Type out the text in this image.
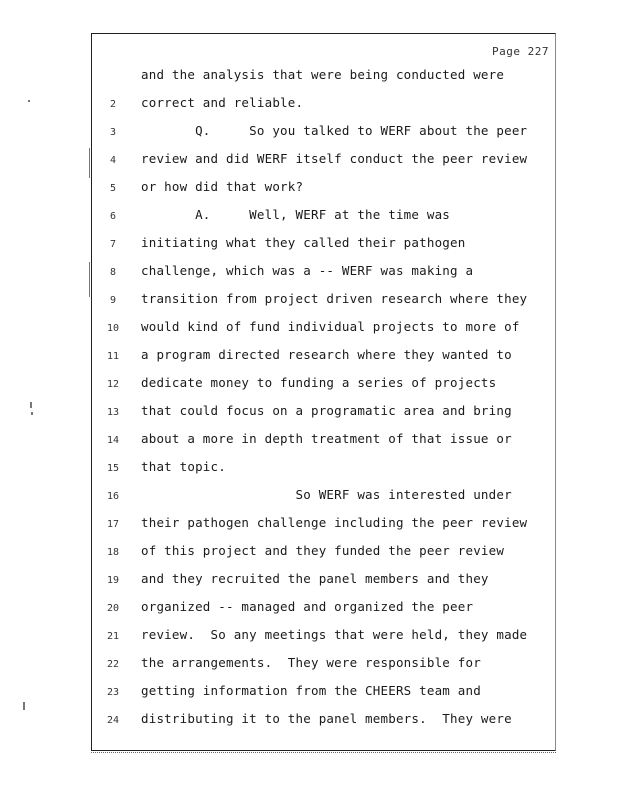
Page 227
and the analysis that were being conducted were
2	correct and reliable.
3	Q.     So you talked to WERF about the peer
4	review and did WERF itself conduct the peer review
5	or how did that work?
6	A.     Well, WERF at the time was
7	initiating what they called their pathogen
8	challenge, which was a -- WERF was making a
9	transition from project driven research where they
10	would kind of fund individual projects to more of
11	a program directed research where they wanted to
12	dedicate money to funding a series of projects
13	that could focus on a programatic area and bring
14	about a more in depth treatment of that issue or
15	that topic.
16	So WERF was interested under
17	their pathogen challenge including the peer review
18	of this project and they funded the peer review
19	and they recruited the panel members and they
20	organized -- managed and organized the peer
21	review.  So any meetings that were held, they made
22	the arrangements.  They were responsible for
23	getting information from the CHEERS team and
24	distributing it to the panel members.  They were
